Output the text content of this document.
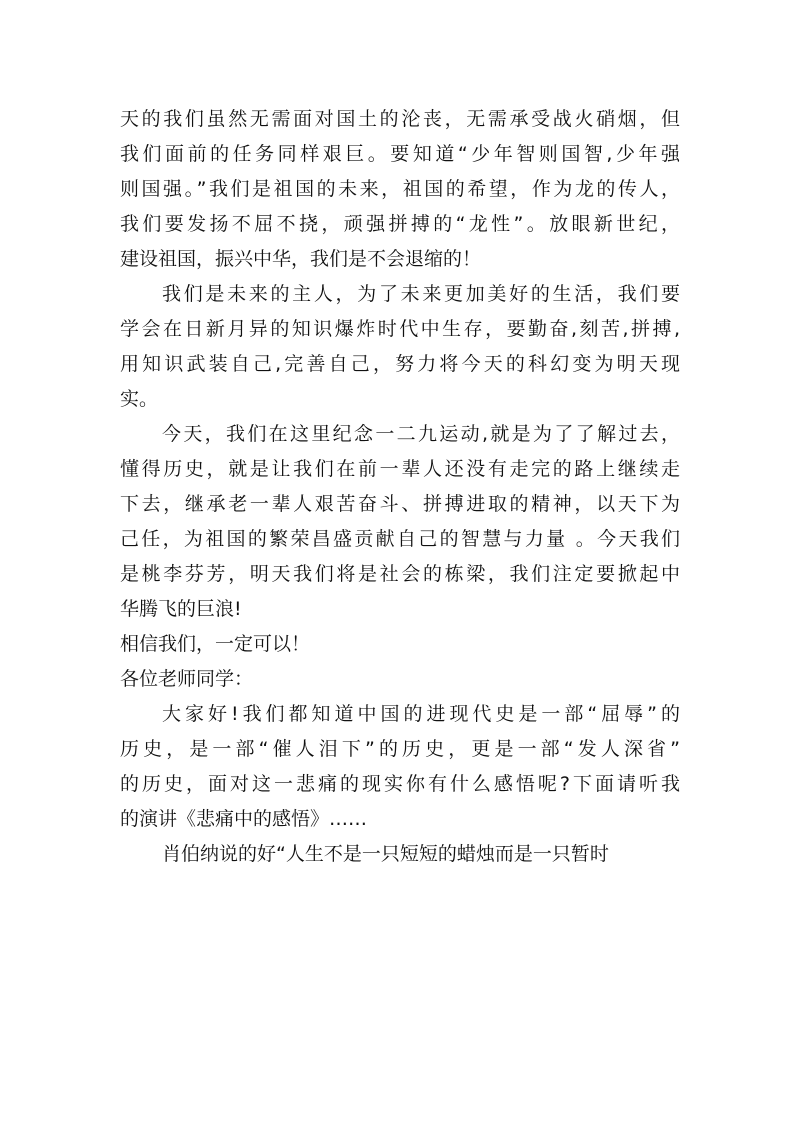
天的我们虽然无需面对国土的沦丧，无需承受战火硝烟，但
我们面前的任务同样艰巨。要知道“少年智则国智,少年强
则国强。”我们是祖国的未来，祖国的希望，作为龙的传人，
我们要发扬不屈不挠，顽强拼搏的“龙性”。放眼新世纪，
建设祖国，振兴中华，我们是不会退缩的！
我们是未来的主人，为了未来更加美好的生活，我们要
学会在日新月异的知识爆炸时代中生存，要勤奋,刻苦,拼搏,
用知识武装自己,完善自己，努力将今天的科幻变为明天现
实。
今天，我们在这里纪念一二九运动,就是为了了解过去，
懂得历史，就是让我们在前一辈人还没有走完的路上继续走
下去，继承老一辈人艰苦奋斗、拼搏进取的精神，以天下为
己任，为祖国的繁荣昌盛贡献自己的智慧与力量 。今天我们
是桃李芬芳，明天我们将是社会的栋梁，我们注定要掀起中
华腾飞的巨浪!
相信我们，一定可以！
各位老师同学：
大家好!我们都知道中国的进现代史是一部“屈辱”的
历史，是一部“催人泪下”的历史，更是一部“发人深省”
的历史，面对这一悲痛的现实你有什么感悟呢?下面请听我
的演讲《悲痛中的感悟》……
肖伯纳说的好“人生不是一只短短的蜡烛而是一只暂时
